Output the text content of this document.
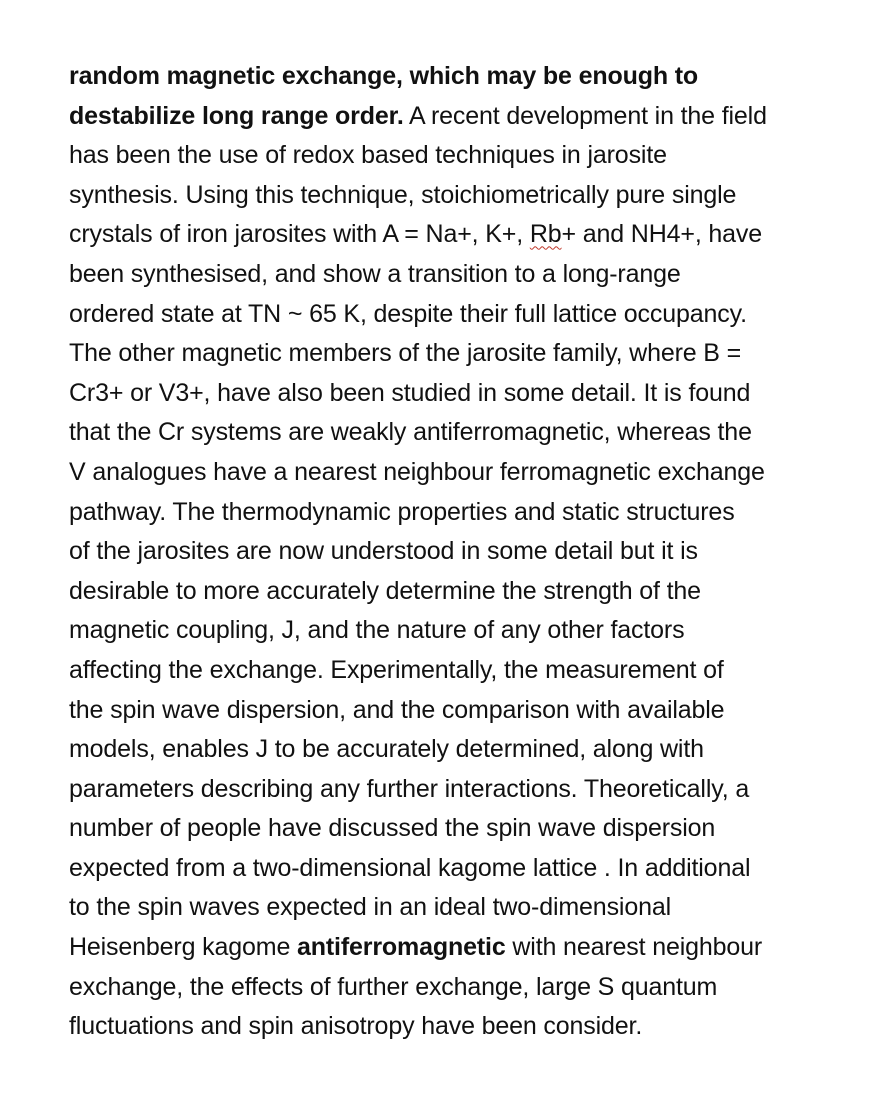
random magnetic exchange, which may be enough to
destabilize long range order. A recent development in the field
has been the use of redox based techniques in jarosite
synthesis. Using this technique, stoichiometrically pure single
crystals of iron jarosites with A = Na+, K+, Rb+ and NH4+, have
been synthesised, and show a transition to a long-range
ordered state at TN ~ 65 K, despite their full lattice occupancy.
The other magnetic members of the jarosite family, where B =
Cr3+ or V3+, have also been studied in some detail. It is found
that the Cr systems are weakly antiferromagnetic, whereas the
V analogues have a nearest neighbour ferromagnetic exchange
pathway. The thermodynamic properties and static structures
of the jarosites are now understood in some detail but it is
desirable to more accurately determine the strength of the
magnetic coupling, J, and the nature of any other factors
affecting the exchange. Experimentally, the measurement of
the spin wave dispersion, and the comparison with available
models, enables J to be accurately determined, along with
parameters describing any further interactions. Theoretically, a
number of people have discussed the spin wave dispersion
expected from a two-dimensional kagome lattice . In additional
to the spin waves expected in an ideal two-dimensional
Heisenberg kagome antiferromagnetic with nearest neighbour
exchange, the effects of further exchange, large S quantum
fluctuations and spin anisotropy have been consider.
